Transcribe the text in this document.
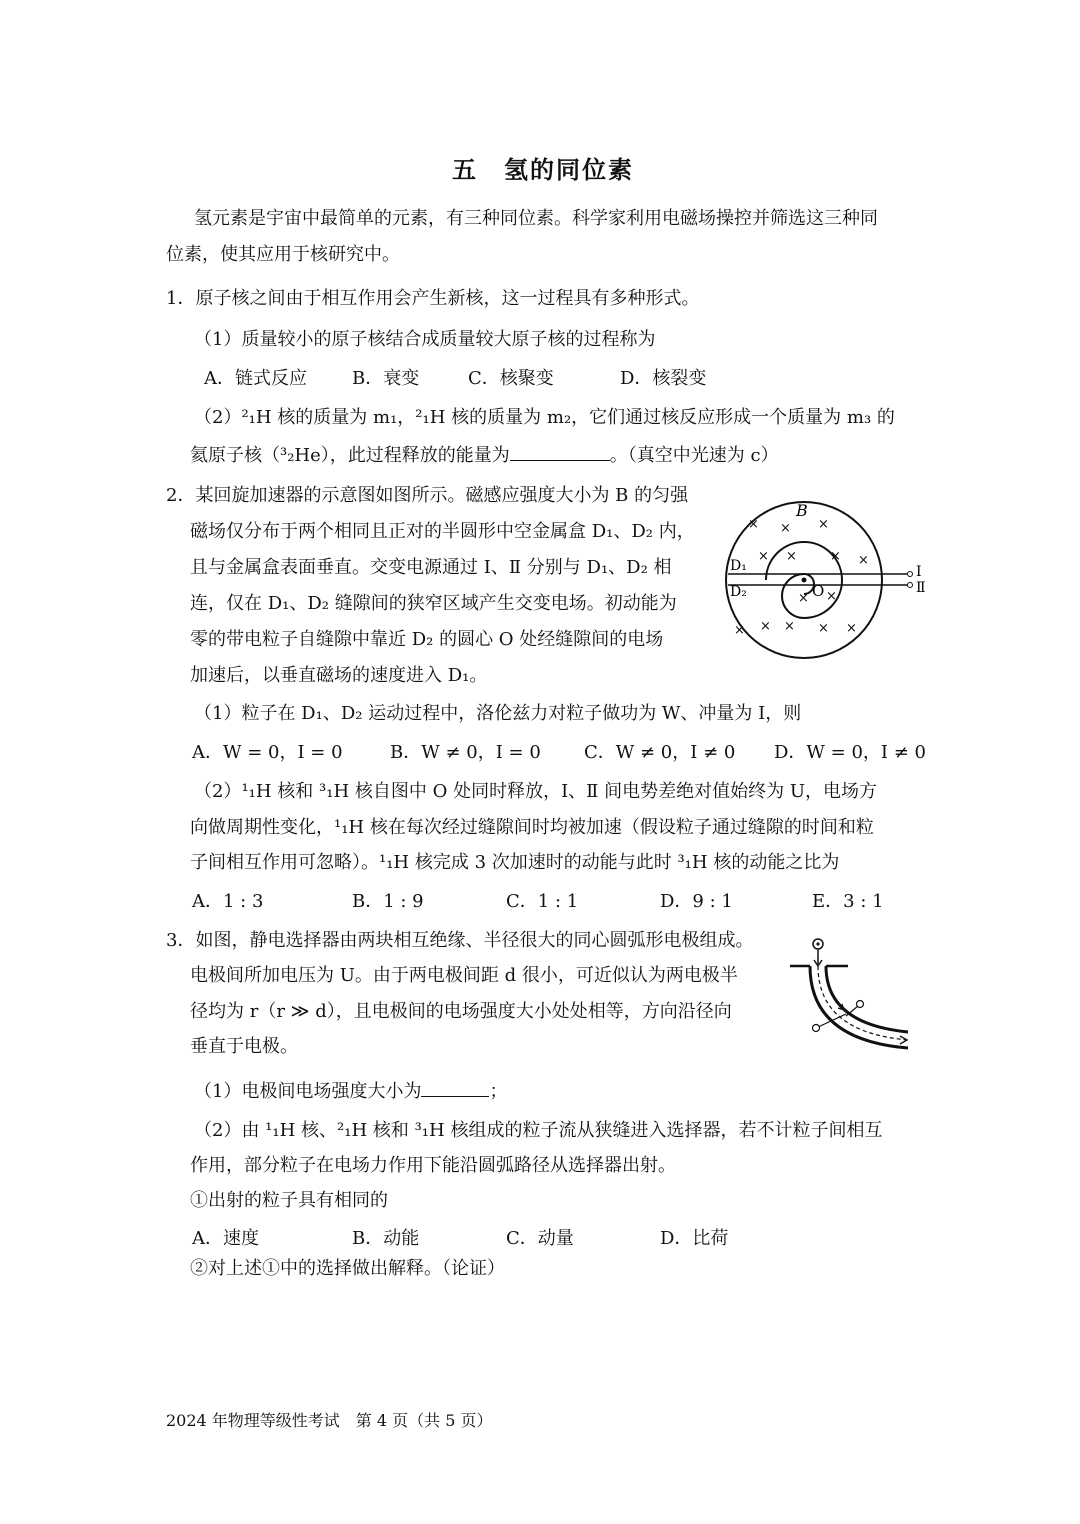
五 氢的同位素
氢元素是宇宙中最简单的元素，有三种同位素。科学家利用电磁场操控并筛选这三种同
位素，使其应用于核研究中。
1．原子核之间由于相互作用会产生新核，这一过程具有多种形式。
（1）质量较小的原子核结合成质量较大原子核的过程称为
A．链式反应	B．衰变	C．核聚变	D．核裂变
（2）²₁H 核的质量为 m₁，²₁H 核的质量为 m₂，它们通过核反应形成一个质量为 m₃ 的
氦原子核（³₂He），此过程释放的能量为	。（真空中光速为 c）
2．某回旋加速器的示意图如图所示。磁感应强度大小为 B 的匀强
磁场仅分布于两个相同且正对的半圆形中空金属盒 D₁、D₂ 内，
且与金属盒表面垂直。交变电源通过 Ⅰ、Ⅱ 分别与 D₁、D₂ 相
连，仅在 D₁、D₂ 缝隙间的狭窄区域产生交变电场。初动能为
零的带电粒子自缝隙中靠近 D₂ 的圆心 O 处经缝隙间的电场
加速后，以垂直磁场的速度进入 D₁。
× × ×
× ×	× ×
× ×
× × × × ×
B
D₁
D₂	O
Ⅰ
Ⅱ
（1）粒子在 D₁、D₂ 运动过程中，洛伦兹力对粒子做功为 W、冲量为 I，则
A．W = 0，I = 0	B．W ≠ 0，I = 0 C．W ≠ 0，I ≠ 0 D．W = 0，I ≠ 0
（2）¹₁H 核和 ³₁H 核自图中 O 处同时释放，Ⅰ、Ⅱ 间电势差绝对值始终为 U，电场方
向做周期性变化，¹₁H 核在每次经过缝隙间时均被加速（假设粒子通过缝隙的时间和粒
子间相互作用可忽略）。¹₁H 核完成 3 次加速时的动能与此时 ³₁H 核的动能之比为
A．1 : 3	B．1 : 9	C．1 : 1	D．9 : 1	E．3 : 1
3．如图，静电选择器由两块相互绝缘、半径很大的同心圆弧形电极组成。
电极间所加电压为 U。由于两电极间距 d 很小，可近似认为两电极半
径均为 r（r ≫ d），且电极间的电场强度大小处处相等，方向沿径向
垂直于电极。
（1）电极间电场强度大小为	；
（2）由 ¹₁H 核、²₁H 核和 ³₁H 核组成的粒子流从狭缝进入选择器，若不计粒子间相互
作用，部分粒子在电场力作用下能沿圆弧路径从选择器出射。
①出射的粒子具有相同的
A．速度	B．动能	C．动量	D．比荷
②对上述①中的选择做出解释。（论证）
2024 年物理等级性考试　第 4 页（共 5 页）
